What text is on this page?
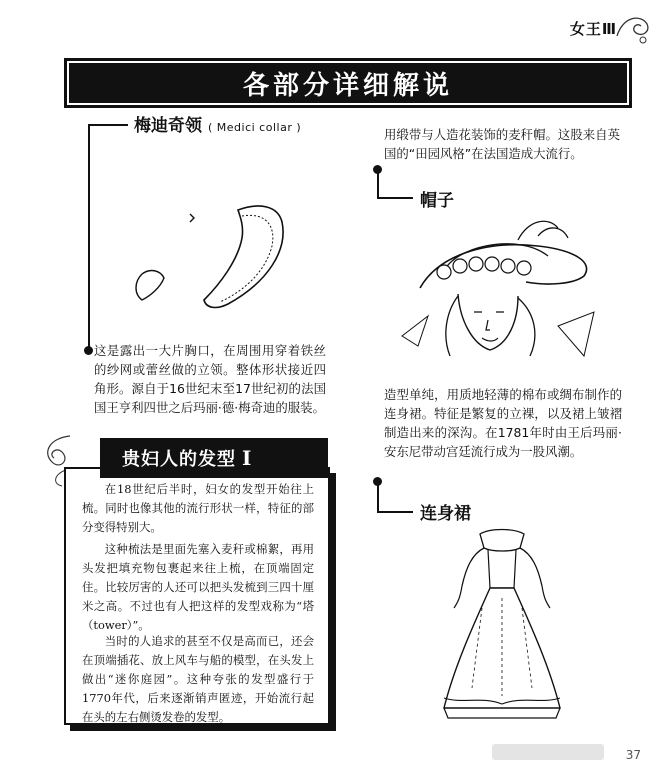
女王Ⅲ
各部分详细解说
梅迪奇领 ( Medici collar )
这是露出一大片胸口，在周围用穿着铁丝的纱网或蕾丝做的立领。整体形状接近四角形。源自于16世纪末至17世纪初的法国国王亨利四世之后玛丽·德·梅奇迪的服装。
用缎带与人造花装饰的麦秆帽。这股来自英国的“田园风格”在法国造成大流行。
帽子
造型单纯，用质地轻薄的棉布或绸布制作的连身裙。特征是繁复的立裸，以及裙上皱褶制造出来的深沟。在1781年时由王后玛丽·安东尼带动宫廷流行成为一股风潮。
连身裙
贵妇人的发型 Ⅰ
在18世纪后半时，妇女的发型开始往上梳。同时也像其他的流行形状一样，特征的部分变得特别大。
这种梳法是里面先塞入麦秆或棉絮，再用头发把填充物包裹起来往上梳，在顶端固定住。比较厉害的人还可以把头发梳到三四十厘米之高。不过也有人把这样的发型戏称为“塔（tower）”。
当时的人追求的甚至不仅是高而已，还会在顶端插花、放上风车与船的模型，在头发上做出“迷你庭园”。这种夸张的发型盛行于1770年代，后来逐渐销声匿迹，开始流行起在头的左右侧烫发卷的发型。
37
